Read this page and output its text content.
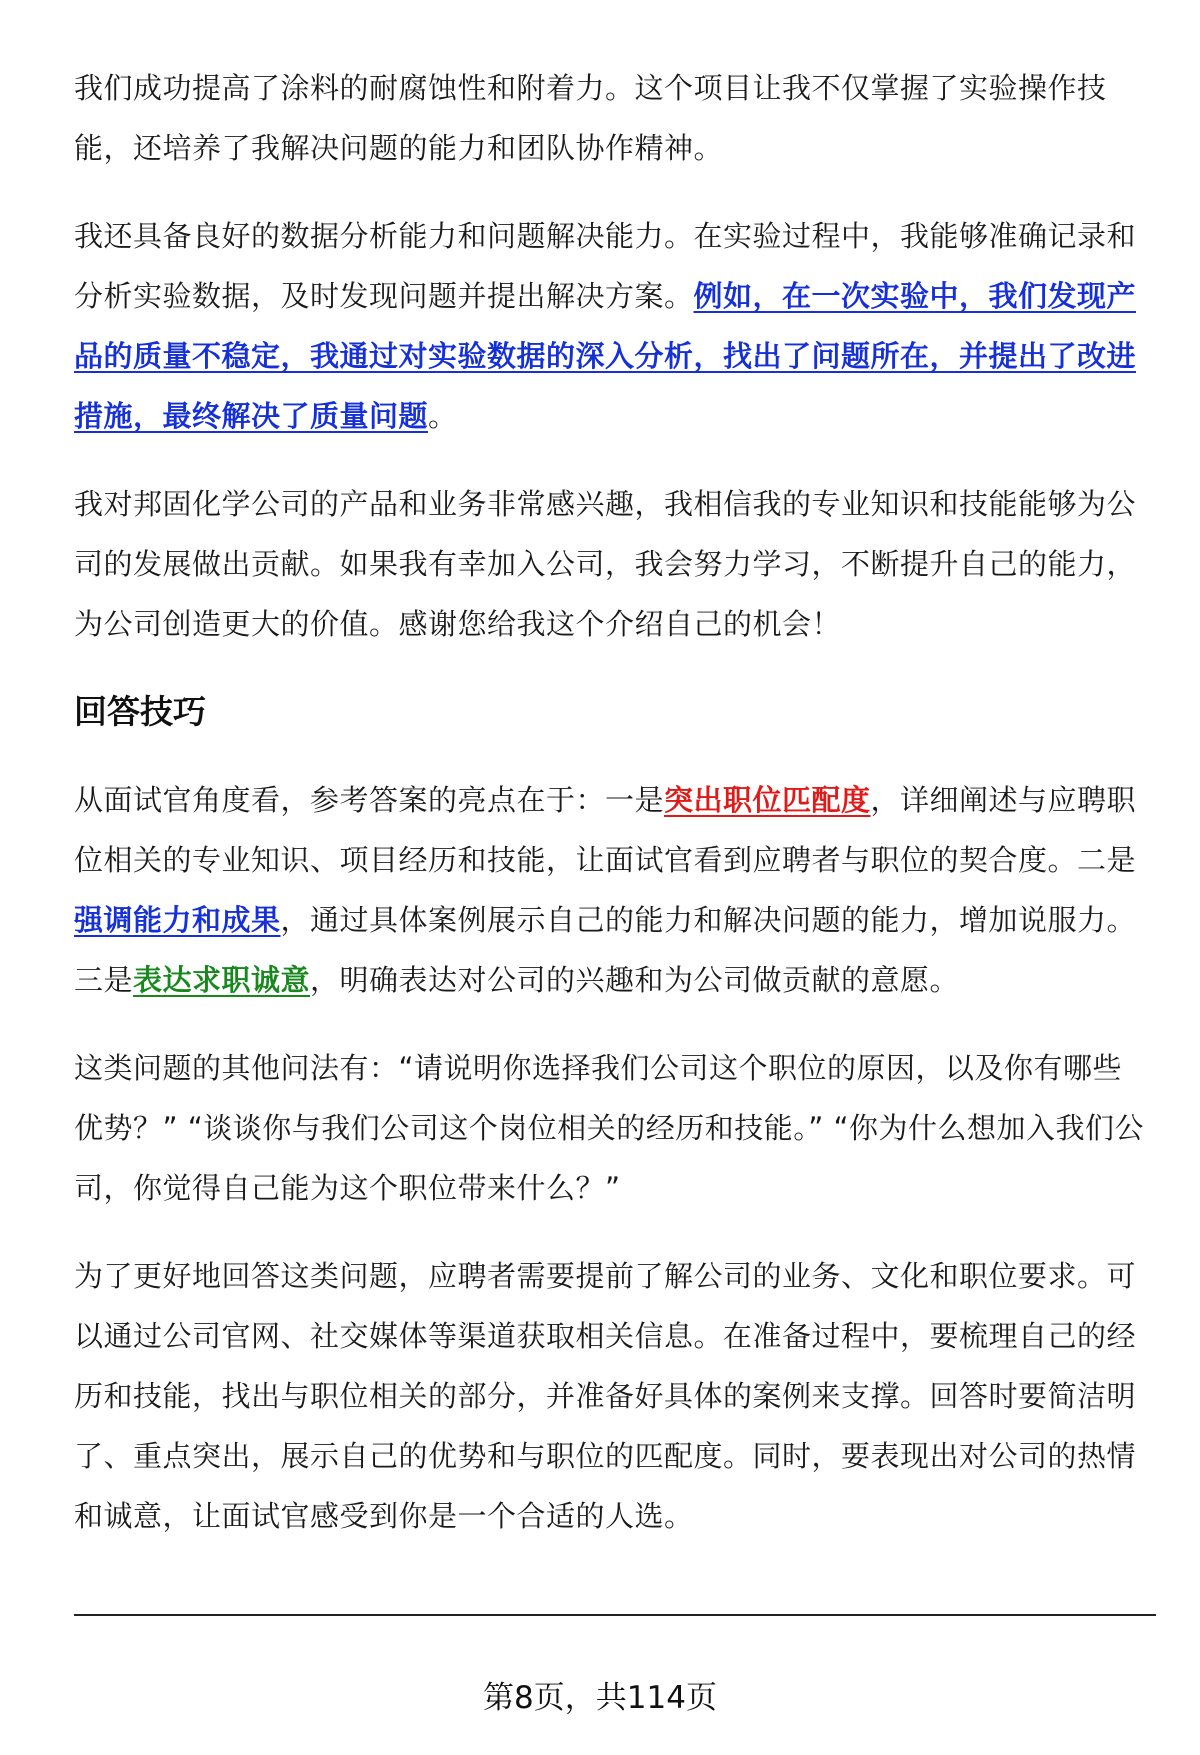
我们成功提高了涂料的耐腐蚀性和附着力。这个项目让我不仅掌握了实验操作技能，还培养了我解决问题的能力和团队协作精神。

我还具备良好的数据分析能力和问题解决能力。在实验过程中，我能够准确记录和分析实验数据，及时发现问题并提出解决方案。例如，在一次实验中，我们发现产品的质量不稳定，我通过对实验数据的深入分析，找出了问题所在，并提出了改进措施，最终解决了质量问题。

我对邦固化学公司的产品和业务非常感兴趣，我相信我的专业知识和技能能够为公司的发展做出贡献。如果我有幸加入公司，我会努力学习，不断提升自己的能力，为公司创造更大的价值。感谢您给我这个介绍自己的机会！

回答技巧

从面试官角度看，参考答案的亮点在于：一是突出职位匹配度，详细阐述与应聘职位相关的专业知识、项目经历和技能，让面试官看到应聘者与职位的契合度。二是强调能力和成果，通过具体案例展示自己的能力和解决问题的能力，增加说服力。三是表达求职诚意，明确表达对公司的兴趣和为公司做贡献的意愿。

这类问题的其他问法有：“请说明你选择我们公司这个职位的原因，以及你有哪些优势？” “谈谈你与我们公司这个岗位相关的经历和技能。” “你为什么想加入我们公司，你觉得自己能为这个职位带来什么？”

为了更好地回答这类问题，应聘者需要提前了解公司的业务、文化和职位要求。可以通过公司官网、社交媒体等渠道获取相关信息。在准备过程中，要梳理自己的经历和技能，找出与职位相关的部分，并准备好具体的案例来支撑。回答时要简洁明了、重点突出，展示自己的优势和与职位的匹配度。同时，要表现出对公司的热情和诚意，让面试官感受到你是一个合适的人选。

第8页，共114页
